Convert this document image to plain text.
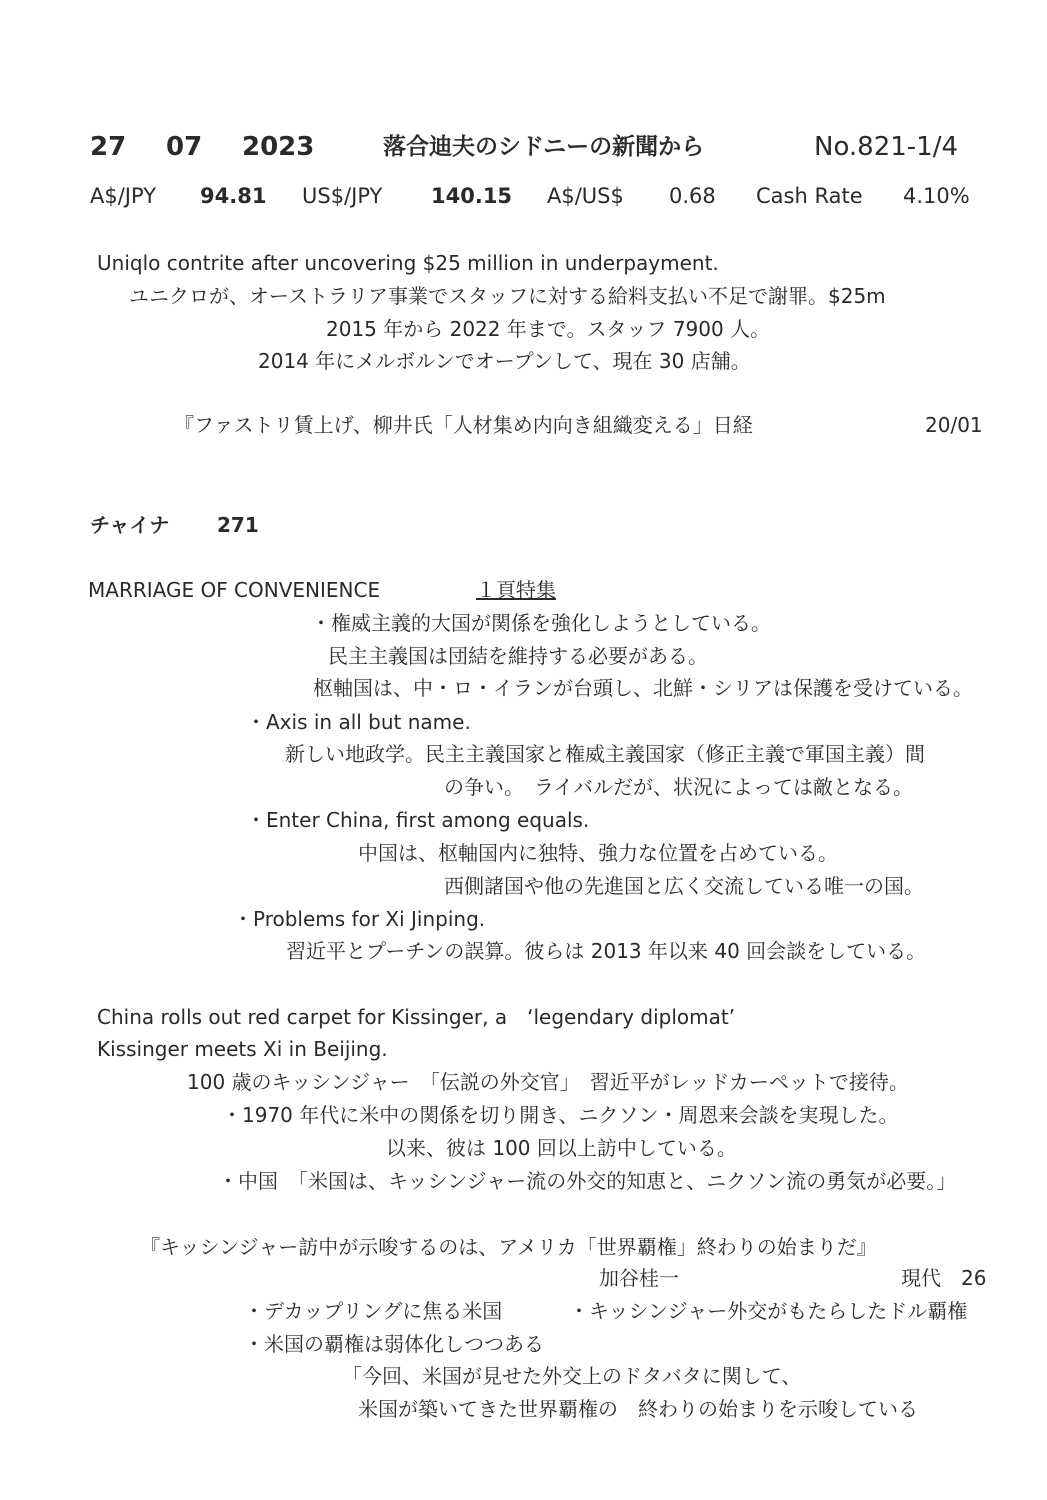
27 07 2023	落合迪夫のシドニーの新聞から	No.821-1/4
A$/JPY 94.81 US$/JPY 140.15 A$/US$ 0.68 Cash Rate 4.10%
Uniqlo contrite after uncovering $25 million in underpayment.
ユニクロが、オーストラリア事業でスタッフに対する給料支払い不足で謝罪。$25m
2015 年から 2022 年まで。スタッフ 7900 人。
2014 年にメルボルンでオープンして、現在 30 店舗。
『ファストリ賃上げ、柳井氏「人材集め内向き組織変える」日経	20/01
チャイナ 271
MARRIAGE OF CONVENIENCE	１頁特集
・権威主義的大国が関係を強化しようとしている。
民主主義国は団結を維持する必要がある。
枢軸国は、中・ロ・イランが台頭し、北鮮・シリアは保護を受けている。
・Axis in all but name.
新しい地政学。民主主義国家と権威主義国家（修正主義で軍国主義）間
の争い。　ライバルだが、状況によっては敵となる。
・Enter China, first among equals.
中国は、枢軸国内に独特、強力な位置を占めている。
西側諸国や他の先進国と広く交流している唯一の国。
・Problems for Xi Jinping.
習近平とプーチンの誤算。彼らは 2013 年以来 40 回会談をしている。
China rolls out red carpet for Kissinger, a　‘legendary diplomat’
Kissinger meets Xi in Beijing.
100 歳のキッシンジャー　「伝説の外交官」　習近平がレッドカーペットで接待。
・1970 年代に米中の関係を切り開き、ニクソン・周恩来会談を実現した。
以来、彼は 100 回以上訪中している。
・中国　「米国は、キッシンジャー流の外交的知恵と、ニクソン流の勇気が必要。」
『キッシンジャー訪中が示唆するのは、アメリカ「世界覇権」終わりの始まりだ』
加谷桂一	現代　26
・デカップリングに焦る米国	・キッシンジャー外交がもたらしたドル覇権
・米国の覇権は弱体化しつつある
「今回、米国が見せた外交上のドタバタに関して、
米国が築いてきた世界覇権の　終わりの始まりを示唆している
